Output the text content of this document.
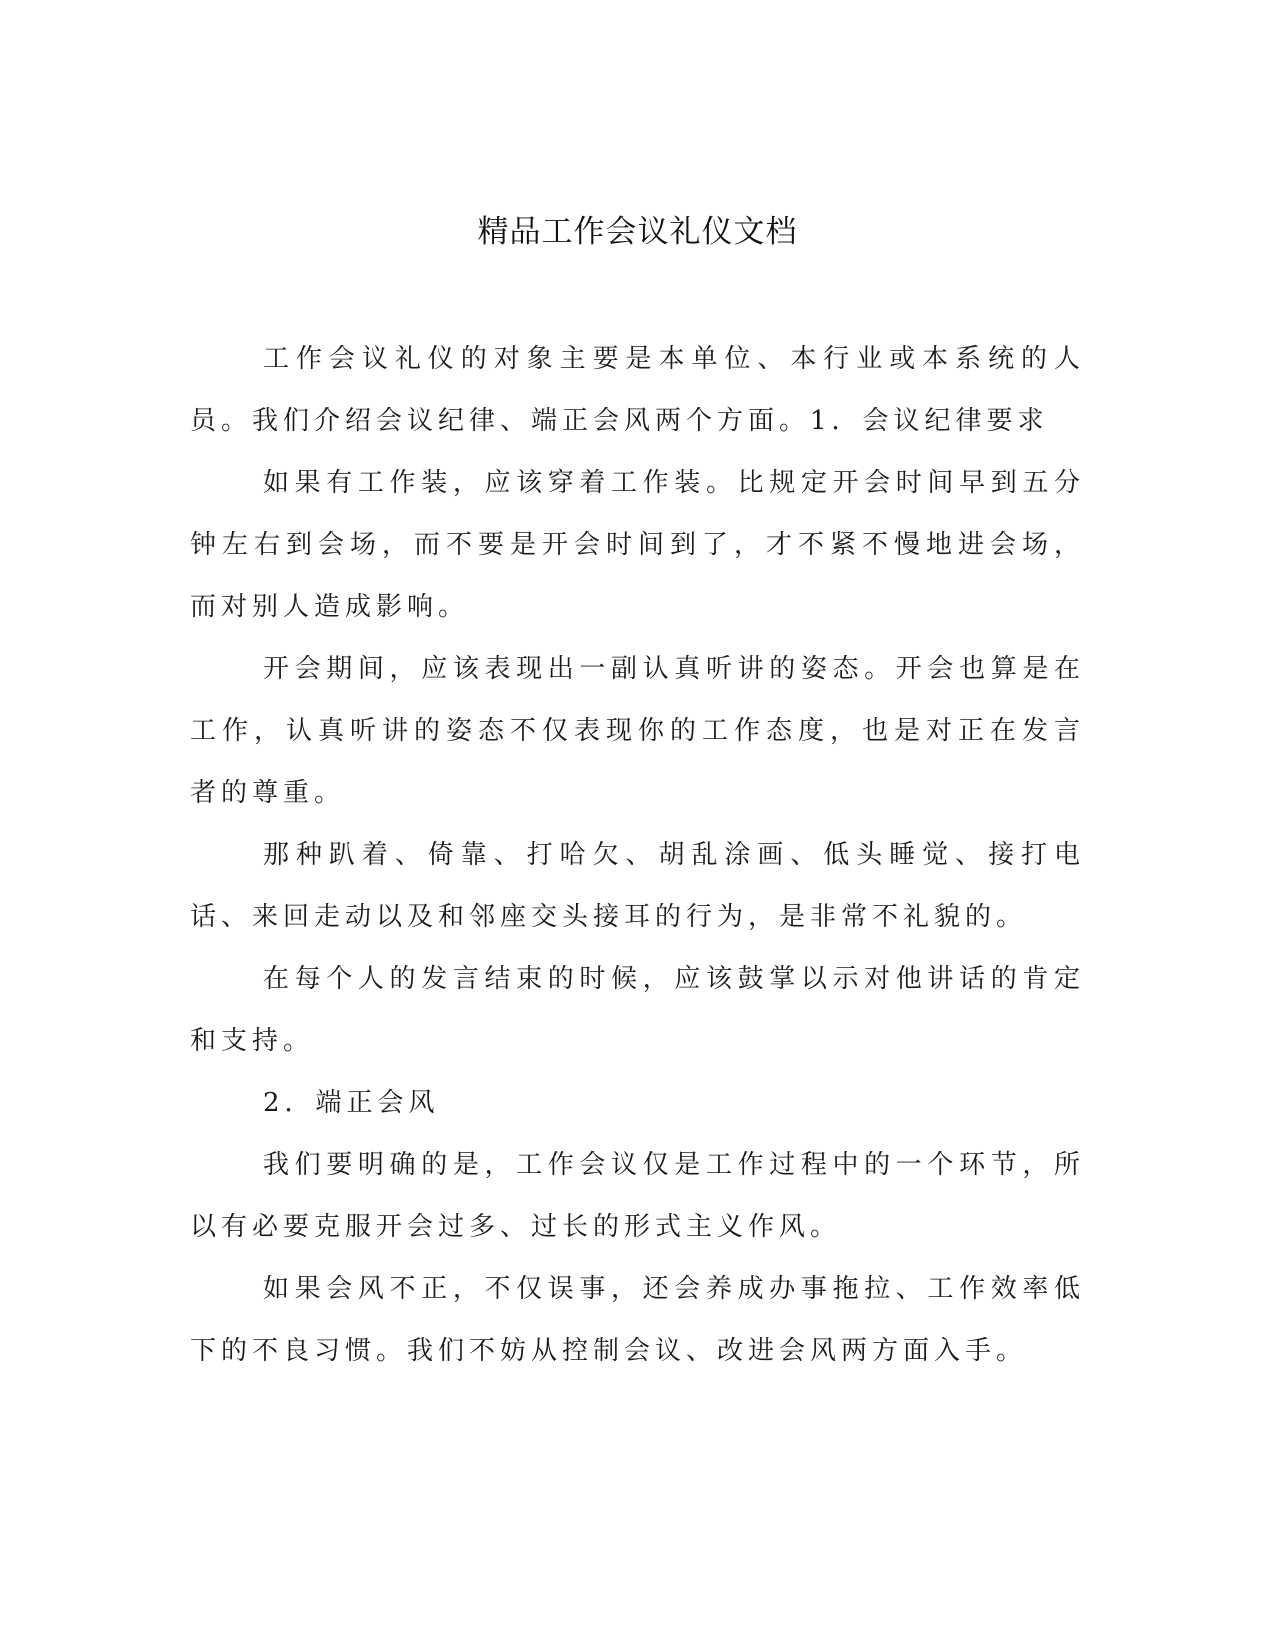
精品工作会议礼仪文档

工作会议礼仪的对象主要是本单位、本行业或本系统的人员。我们介绍会议纪律、端正会风两个方面。1．会议纪律要求

如果有工作装，应该穿着工作装。比规定开会时间早到五分钟左右到会场，而不要是开会时间到了，才不紧不慢地进会场，而对别人造成影响。

开会期间，应该表现出一副认真听讲的姿态。开会也算是在工作，认真听讲的姿态不仅表现你的工作态度，也是对正在发言者的尊重。

那种趴着、倚靠、打哈欠、胡乱涂画、低头睡觉、接打电话、来回走动以及和邻座交头接耳的行为，是非常不礼貌的。

在每个人的发言结束的时候，应该鼓掌以示对他讲话的肯定和支持。

2．端正会风

我们要明确的是，工作会议仅是工作过程中的一个环节，所以有必要克服开会过多、过长的形式主义作风。

如果会风不正，不仅误事，还会养成办事拖拉、工作效率低下的不良习惯。我们不妨从控制会议、改进会风两方面入手。
